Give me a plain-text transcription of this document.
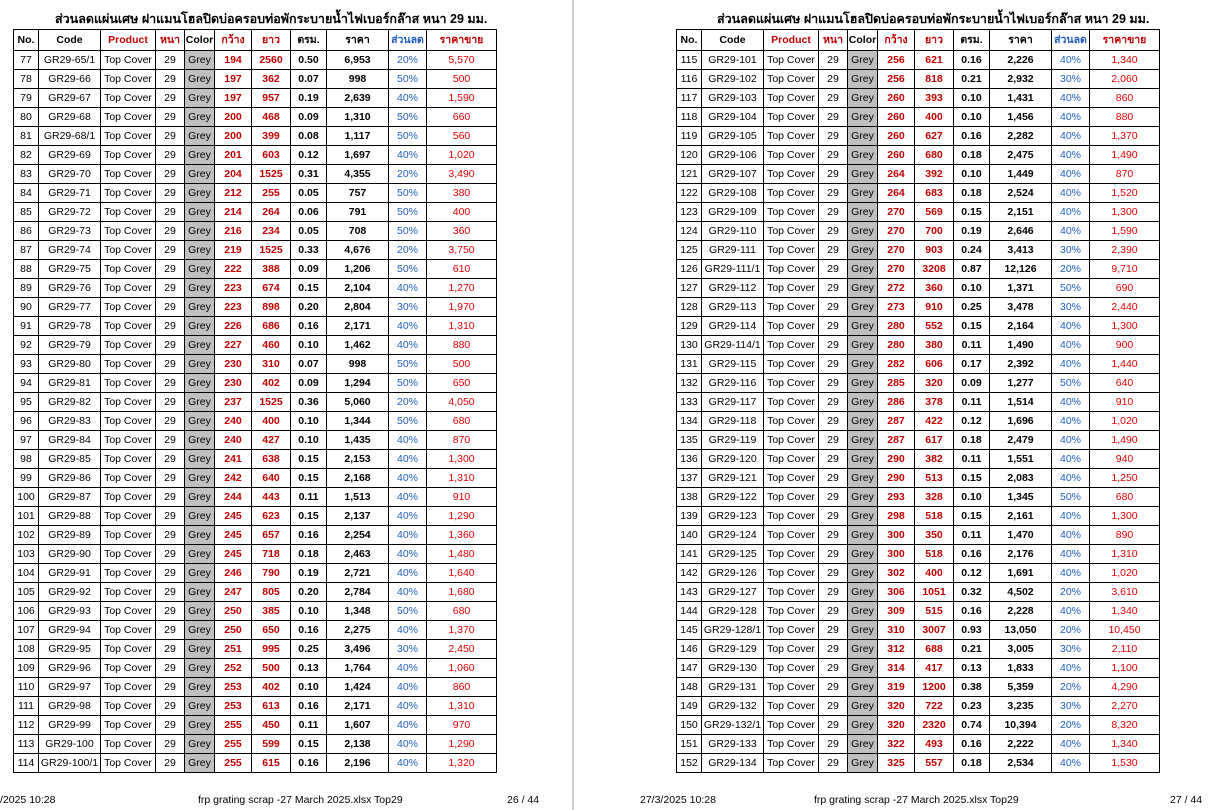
ส่วนลดแผ่นเศษ ฝาแมนโฮลปิดบ่อครอบท่อพักระบายน้ำไฟเบอร์กล๊าส หนา 29 มม.
No.	Code	Product	หนา	Color	กว้าง	ยาว	ตรม.	ราคา	ส่วนลด	ราคาขาย
77	GR29-65/1	Top Cover	29	Grey	194	2560	0.50	6,953	20%	5,570
78	GR29-66	Top Cover	29	Grey	197	362	0.07	998	50%	500
79	GR29-67	Top Cover	29	Grey	197	957	0.19	2,639	40%	1,590
80	GR29-68	Top Cover	29	Grey	200	468	0.09	1,310	50%	660
81	GR29-68/1	Top Cover	29	Grey	200	399	0.08	1,117	50%	560
82	GR29-69	Top Cover	29	Grey	201	603	0.12	1,697	40%	1,020
83	GR29-70	Top Cover	29	Grey	204	1525	0.31	4,355	20%	3,490
84	GR29-71	Top Cover	29	Grey	212	255	0.05	757	50%	380
85	GR29-72	Top Cover	29	Grey	214	264	0.06	791	50%	400
86	GR29-73	Top Cover	29	Grey	216	234	0.05	708	50%	360
87	GR29-74	Top Cover	29	Grey	219	1525	0.33	4,676	20%	3,750
88	GR29-75	Top Cover	29	Grey	222	388	0.09	1,206	50%	610
89	GR29-76	Top Cover	29	Grey	223	674	0.15	2,104	40%	1,270
90	GR29-77	Top Cover	29	Grey	223	898	0.20	2,804	30%	1,970
91	GR29-78	Top Cover	29	Grey	226	686	0.16	2,171	40%	1,310
92	GR29-79	Top Cover	29	Grey	227	460	0.10	1,462	40%	880
93	GR29-80	Top Cover	29	Grey	230	310	0.07	998	50%	500
94	GR29-81	Top Cover	29	Grey	230	402	0.09	1,294	50%	650
95	GR29-82	Top Cover	29	Grey	237	1525	0.36	5,060	20%	4,050
96	GR29-83	Top Cover	29	Grey	240	400	0.10	1,344	50%	680
97	GR29-84	Top Cover	29	Grey	240	427	0.10	1,435	40%	870
98	GR29-85	Top Cover	29	Grey	241	638	0.15	2,153	40%	1,300
99	GR29-86	Top Cover	29	Grey	242	640	0.15	2,168	40%	1,310
100	GR29-87	Top Cover	29	Grey	244	443	0.11	1,513	40%	910
101	GR29-88	Top Cover	29	Grey	245	623	0.15	2,137	40%	1,290
102	GR29-89	Top Cover	29	Grey	245	657	0.16	2,254	40%	1,360
103	GR29-90	Top Cover	29	Grey	245	718	0.18	2,463	40%	1,480
104	GR29-91	Top Cover	29	Grey	246	790	0.19	2,721	40%	1,640
105	GR29-92	Top Cover	29	Grey	247	805	0.20	2,784	40%	1,680
106	GR29-93	Top Cover	29	Grey	250	385	0.10	1,348	50%	680
107	GR29-94	Top Cover	29	Grey	250	650	0.16	2,275	40%	1,370
108	GR29-95	Top Cover	29	Grey	251	995	0.25	3,496	30%	2,450
109	GR29-96	Top Cover	29	Grey	252	500	0.13	1,764	40%	1,060
110	GR29-97	Top Cover	29	Grey	253	402	0.10	1,424	40%	860
111	GR29-98	Top Cover	29	Grey	253	613	0.16	2,171	40%	1,310
112	GR29-99	Top Cover	29	Grey	255	450	0.11	1,607	40%	970
113	GR29-100	Top Cover	29	Grey	255	599	0.15	2,138	40%	1,290
114	GR29-100/1	Top Cover	29	Grey	255	615	0.16	2,196	40%	1,320
/2025 10:28	frp grating scrap -27 March 2025.xlsx Top29	26 / 44
ส่วนลดแผ่นเศษ ฝาแมนโฮลปิดบ่อครอบท่อพักระบายน้ำไฟเบอร์กล๊าส หนา 29 มม.
No.	Code	Product	หนา	Color	กว้าง	ยาว	ตรม.	ราคา	ส่วนลด	ราคาขาย
115	GR29-101	Top Cover	29	Grey	256	621	0.16	2,226	40%	1,340
116	GR29-102	Top Cover	29	Grey	256	818	0.21	2,932	30%	2,060
117	GR29-103	Top Cover	29	Grey	260	393	0.10	1,431	40%	860
118	GR29-104	Top Cover	29	Grey	260	400	0.10	1,456	40%	880
119	GR29-105	Top Cover	29	Grey	260	627	0.16	2,282	40%	1,370
120	GR29-106	Top Cover	29	Grey	260	680	0.18	2,475	40%	1,490
121	GR29-107	Top Cover	29	Grey	264	392	0.10	1,449	40%	870
122	GR29-108	Top Cover	29	Grey	264	683	0.18	2,524	40%	1,520
123	GR29-109	Top Cover	29	Grey	270	569	0.15	2,151	40%	1,300
124	GR29-110	Top Cover	29	Grey	270	700	0.19	2,646	40%	1,590
125	GR29-111	Top Cover	29	Grey	270	903	0.24	3,413	30%	2,390
126	GR29-111/1	Top Cover	29	Grey	270	3208	0.87	12,126	20%	9,710
127	GR29-112	Top Cover	29	Grey	272	360	0.10	1,371	50%	690
128	GR29-113	Top Cover	29	Grey	273	910	0.25	3,478	30%	2,440
129	GR29-114	Top Cover	29	Grey	280	552	0.15	2,164	40%	1,300
130	GR29-114/1	Top Cover	29	Grey	280	380	0.11	1,490	40%	900
131	GR29-115	Top Cover	29	Grey	282	606	0.17	2,392	40%	1,440
132	GR29-116	Top Cover	29	Grey	285	320	0.09	1,277	50%	640
133	GR29-117	Top Cover	29	Grey	286	378	0.11	1,514	40%	910
134	GR29-118	Top Cover	29	Grey	287	422	0.12	1,696	40%	1,020
135	GR29-119	Top Cover	29	Grey	287	617	0.18	2,479	40%	1,490
136	GR29-120	Top Cover	29	Grey	290	382	0.11	1,551	40%	940
137	GR29-121	Top Cover	29	Grey	290	513	0.15	2,083	40%	1,250
138	GR29-122	Top Cover	29	Grey	293	328	0.10	1,345	50%	680
139	GR29-123	Top Cover	29	Grey	298	518	0.15	2,161	40%	1,300
140	GR29-124	Top Cover	29	Grey	300	350	0.11	1,470	40%	890
141	GR29-125	Top Cover	29	Grey	300	518	0.16	2,176	40%	1,310
142	GR29-126	Top Cover	29	Grey	302	400	0.12	1,691	40%	1,020
143	GR29-127	Top Cover	29	Grey	306	1051	0.32	4,502	20%	3,610
144	GR29-128	Top Cover	29	Grey	309	515	0.16	2,228	40%	1,340
145	GR29-128/1	Top Cover	29	Grey	310	3007	0.93	13,050	20%	10,450
146	GR29-129	Top Cover	29	Grey	312	688	0.21	3,005	30%	2,110
147	GR29-130	Top Cover	29	Grey	314	417	0.13	1,833	40%	1,100
148	GR29-131	Top Cover	29	Grey	319	1200	0.38	5,359	20%	4,290
149	GR29-132	Top Cover	29	Grey	320	722	0.23	3,235	30%	2,270
150	GR29-132/1	Top Cover	29	Grey	320	2320	0.74	10,394	20%	8,320
151	GR29-133	Top Cover	29	Grey	322	493	0.16	2,222	40%	1,340
152	GR29-134	Top Cover	29	Grey	325	557	0.18	2,534	40%	1,530
27/3/2025 10:28	frp grating scrap -27 March 2025.xlsx Top29	27 / 44
